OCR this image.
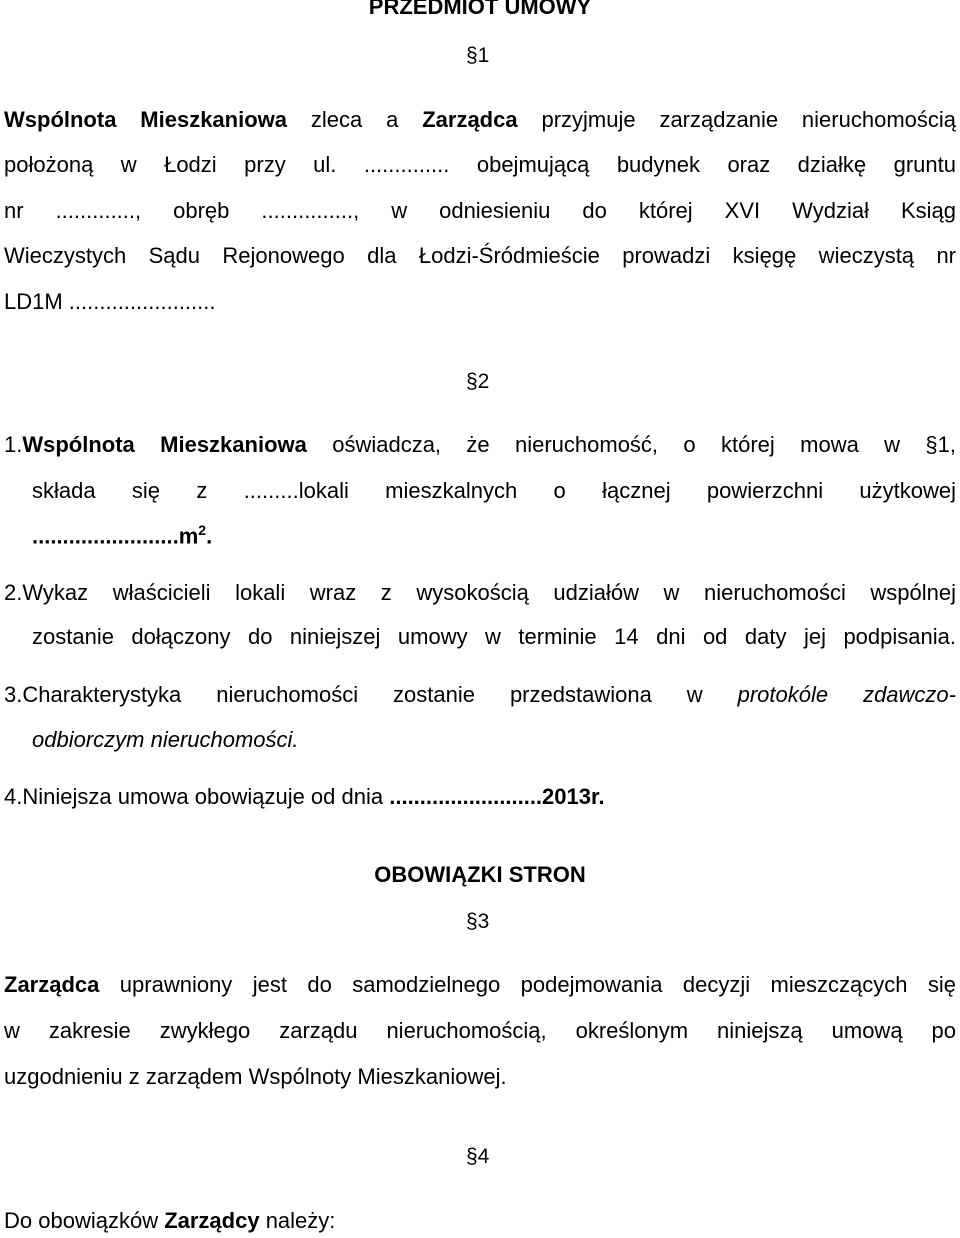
PRZEDMIOT UMOWY
§1
Wspólnota Mieszkaniowa zleca a Zarządca przyjmuje zarządzanie nieruchomością
położoną w Łodzi przy ul. .............. obejmującą budynek oraz działkę gruntu
nr ............., obręb ..............., w odniesieniu do której XVI Wydział Ksiąg
Wieczystych Sądu Rejonowego dla Łodzi-Śródmieście prowadzi księgę wieczystą nr
LD1M ........................
§2
1.Wspólnota Mieszkaniowa oświadcza, że nieruchomość, o której mowa w §1,
składa się z .........lokali mieszkalnych o łącznej powierzchni użytkowej
$........................m^2$.
2.Wykaz właścicieli lokali wraz z wysokością udziałów w nieruchomości wspólnej
zostanie dołączony do niniejszej umowy w terminie 14 dni od daty jej podpisania.
3.Charakterystyka nieruchomości zostanie przedstawiona w protokóle zdawczo-
odbiorczym nieruchomości.
4.Niniejsza umowa obowiązuje od dnia .........................2013r.
OBOWIĄZKI STRON
§3
Zarządca uprawniony jest do samodzielnego podejmowania decyzji mieszczących się
w zakresie zwykłego zarządu nieruchomością, określonym niniejszą umową po
uzgodnieniu z zarządem Wspólnoty Mieszkaniowej.
§4
Do obowiązków Zarządcy należy:
